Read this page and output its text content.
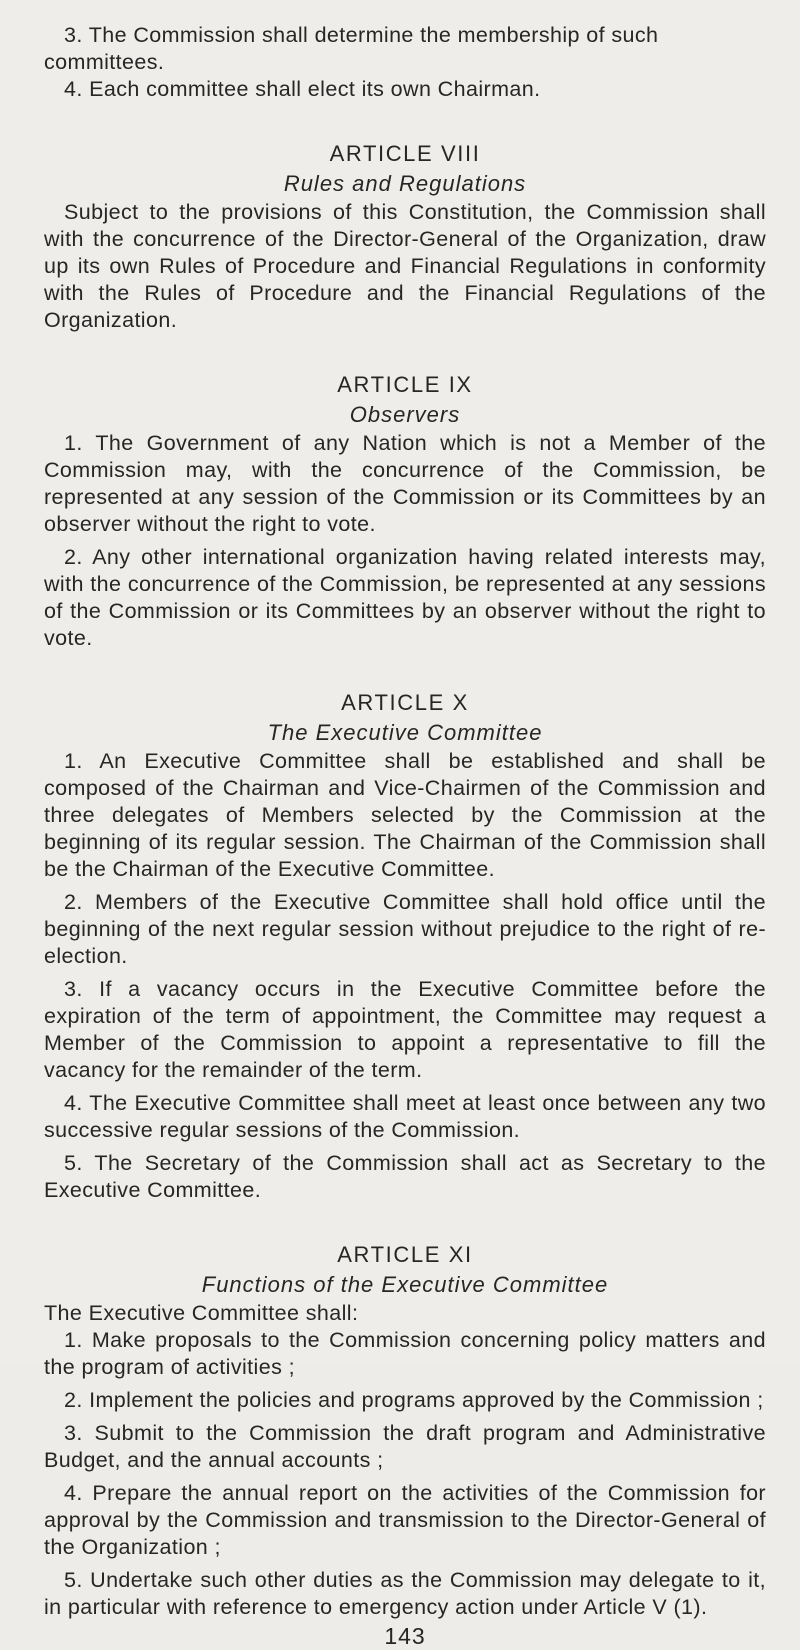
3. The Commission shall determine the membership of such committees.

4. Each committee shall elect its own Chairman.

ARTICLE VIII
Rules and Regulations

Subject to the provisions of this Constitution, the Commission shall with the concurrence of the Director-General of the Organization, draw up its own Rules of Procedure and Financial Regulations in conformity with the Rules of Procedure and the Financial Regulations of the Organization.

ARTICLE IX
Observers

1. The Government of any Nation which is not a Member of the Commission may, with the concurrence of the Commission, be represented at any session of the Commission or its Committees by an observer without the right to vote.

2. Any other international organization having related interests may, with the concurrence of the Commission, be represented at any sessions of the Commission or its Committees by an observer without the right to vote.

ARTICLE X
The Executive Committee

1. An Executive Committee shall be established and shall be composed of the Chairman and Vice-Chairmen of the Commission and three delegates of Members selected by the Commission at the beginning of its regular session. The Chairman of the Commission shall be the Chairman of the Executive Committee.

2. Members of the Executive Committee shall hold office until the beginning of the next regular session without prejudice to the right of re-election.

3. If a vacancy occurs in the Executive Committee before the expiration of the term of appointment, the Committee may request a Member of the Commission to appoint a representative to fill the vacancy for the remainder of the term.

4. The Executive Committee shall meet at least once between any two successive regular sessions of the Commission.

5. The Secretary of the Commission shall act as Secretary to the Executive Committee.

ARTICLE XI
Functions of the Executive Committee

The Executive Committee shall:

1. Make proposals to the Commission concerning policy matters and the program of activities ;

2. Implement the policies and programs approved by the Commission ;

3. Submit to the Commission the draft program and Administrative Budget, and the annual accounts ;

4. Prepare the annual report on the activities of the Commission for approval by the Commission and transmission to the Director-General of the Organization ;

5. Undertake such other duties as the Commission may delegate to it, in particular with reference to emergency action under Article V (1).

143
